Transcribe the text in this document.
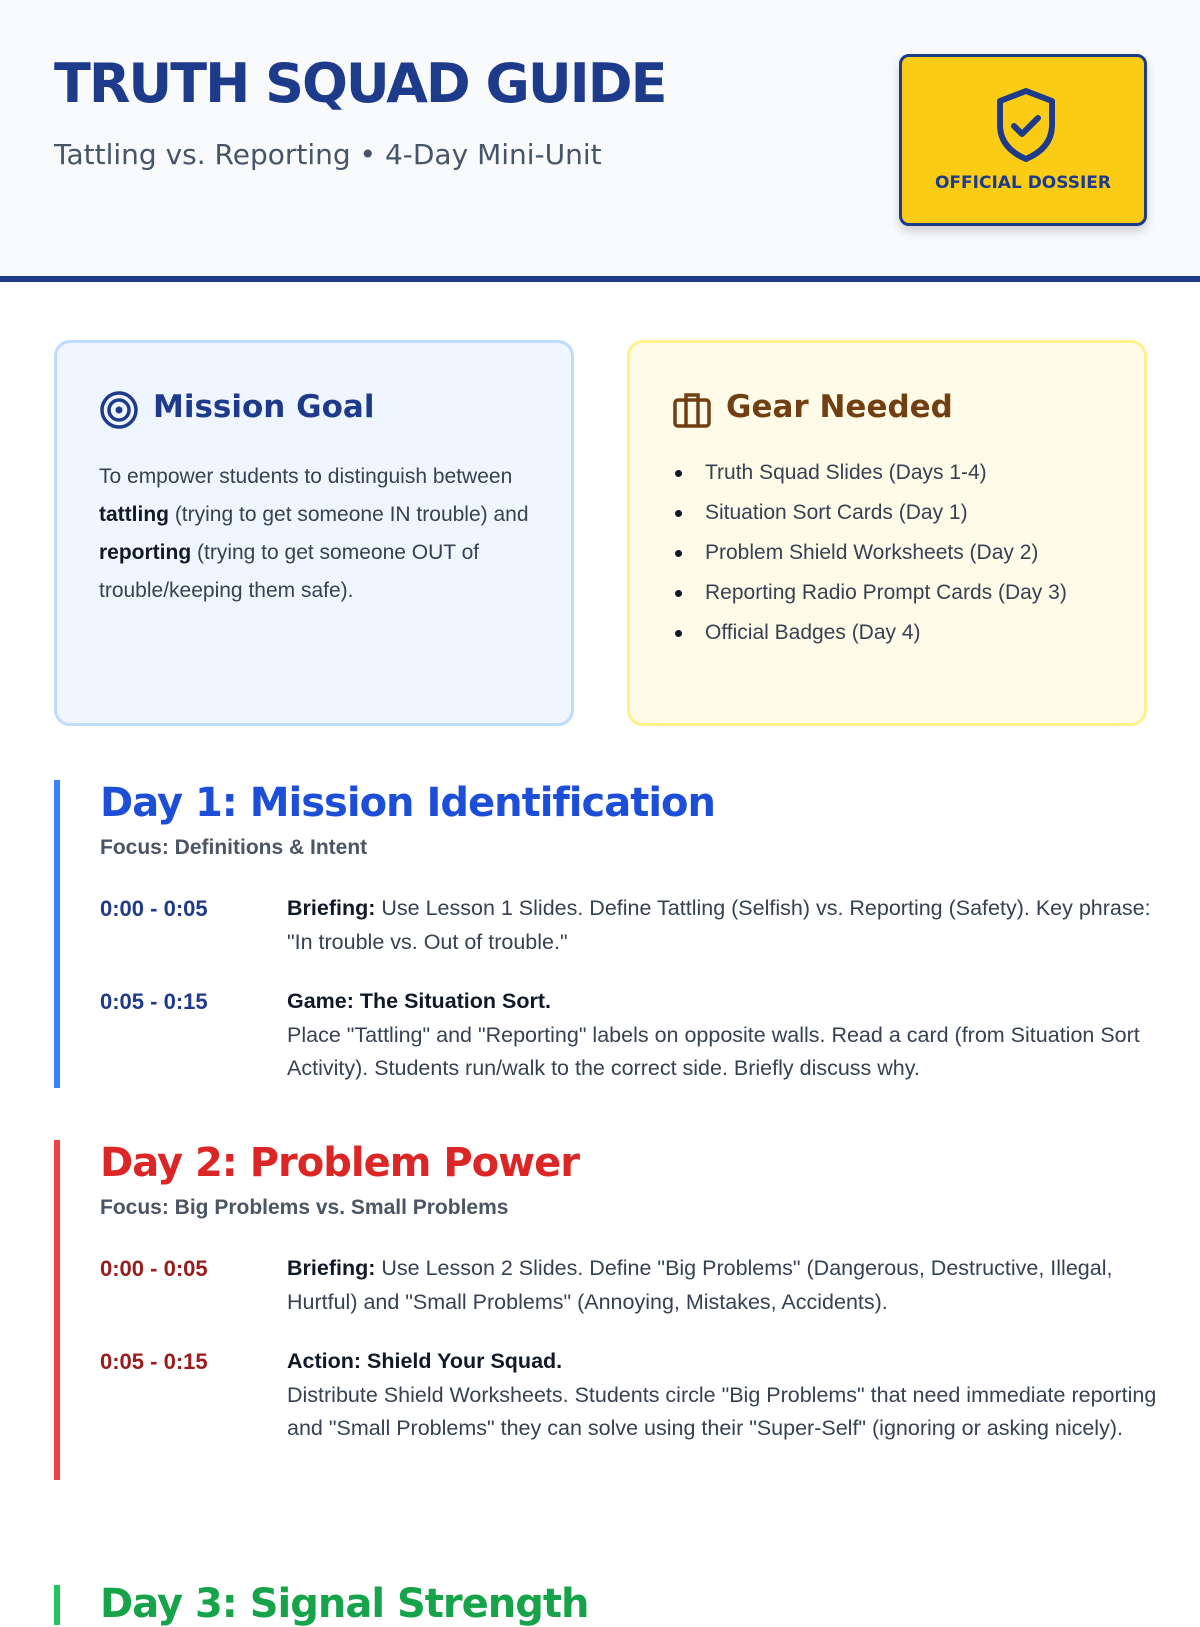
TRUTH SQUAD GUIDE
Tattling vs. Reporting • 4-Day Mini-Unit
OFFICIAL DOSSIER
Mission Goal

To empower students to distinguish between tattling (trying to get someone IN trouble) and reporting (trying to get someone OUT of trouble/keeping them safe).

Gear Needed
Truth Squad Slides (Days 1-4)
Situation Sort Cards (Day 1)
Problem Shield Worksheets (Day 2)
Reporting Radio Prompt Cards (Day 3)
Official Badges (Day 4)
Day 1: Mission Identification
Focus: Definitions & Intent
0:00 - 0:05	Briefing: Use Lesson 1 Slides. Define Tattling (Selfish) vs. Reporting (Safety). Key phrase: "In trouble vs. Out of trouble."
0:05 - 0:15	Game: The Situation Sort.
Place "Tattling" and "Reporting" labels on opposite walls. Read a card (from Situation Sort Activity). Students run/walk to the correct side. Briefly discuss why.
Day 2: Problem Power
Focus: Big Problems vs. Small Problems
0:00 - 0:05	Briefing: Use Lesson 2 Slides. Define "Big Problems" (Dangerous, Destructive, Illegal, Hurtful) and "Small Problems" (Annoying, Mistakes, Accidents).
0:05 - 0:15	Action: Shield Your Squad.
Distribute Shield Worksheets. Students circle "Big Problems" that need immediate reporting and "Small Problems" they can solve using their "Super-Self" (ignoring or asking nicely).
Day 3: Signal Strength
